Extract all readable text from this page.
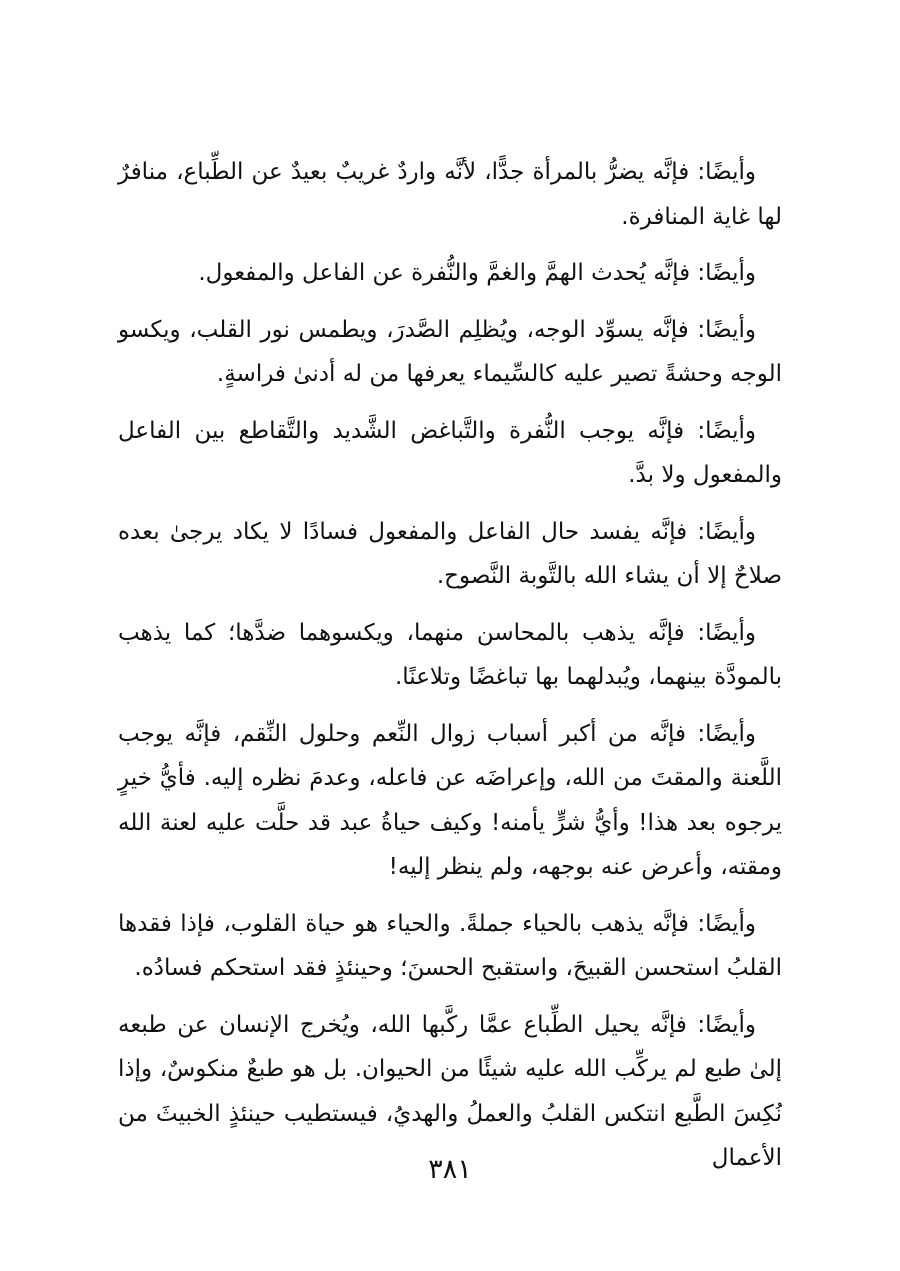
وأيضًا: فإنَّه يضرُّ بالمرأة جدًّا، لأنَّه واردٌ غريبٌ بعيدٌ عن الطِّباع، منافرٌ لها غاية المنافرة.

وأيضًا: فإنَّه يُحدث الهمَّ والغمَّ والنُّفرة عن الفاعل والمفعول.

وأيضًا: فإنَّه يسوِّد الوجه، ويُظلِم الصَّدرَ، ويطمس نور القلب، ويكسو الوجه وحشةً تصير عليه كالسِّيماء يعرفها من له أدنىٰ فراسةٍ.

وأيضًا: فإنَّه يوجب النُّفرة والتَّباغض الشَّديد والتَّقاطع بين الفاعل والمفعول ولا بدَّ.

وأيضًا: فإنَّه يفسد حال الفاعل والمفعول فسادًا لا يكاد يرجىٰ بعده صلاحٌ إلا أن يشاء الله بالتَّوبة النَّصوح.

وأيضًا: فإنَّه يذهب بالمحاسن منهما، ويكسوهما ضدَّها؛ كما يذهب بالمودَّة بينهما، ويُبدلهما بها تباغضًا وتلاعنًا.

وأيضًا: فإنَّه من أكبر أسباب زوال النِّعم وحلول النِّقم، فإنَّه يوجب اللَّعنة والمقتَ من الله، وإعراضَه عن فاعله، وعدمَ نظره إليه. فأيُّ خيرٍ يرجوه بعد هذا! وأيُّ شرٍّ يأمنه! وكيف حياةُ عبد قد حلَّت عليه لعنة الله ومقته، وأعرض عنه بوجهه، ولم ينظر إليه!

وأيضًا: فإنَّه يذهب بالحياء جملةً. والحياء هو حياة القلوب، فإذا فقدها القلبُ استحسن القبيحَ، واستقبح الحسنَ؛ وحينئذٍ فقد استحكم فسادُه.

وأيضًا: فإنَّه يحيل الطِّباع عمَّا ركَّبها الله، ويُخرج الإنسان عن طبعه إلىٰ طبع لم يركِّب الله عليه شيئًا من الحيوان. بل هو طبعٌ منكوسٌ، وإذا نُكِسَ الطَّبع انتكس القلبُ والعملُ والهديُ، فيستطيب حينئذٍ الخبيثَ من الأعمال

٣٨١
